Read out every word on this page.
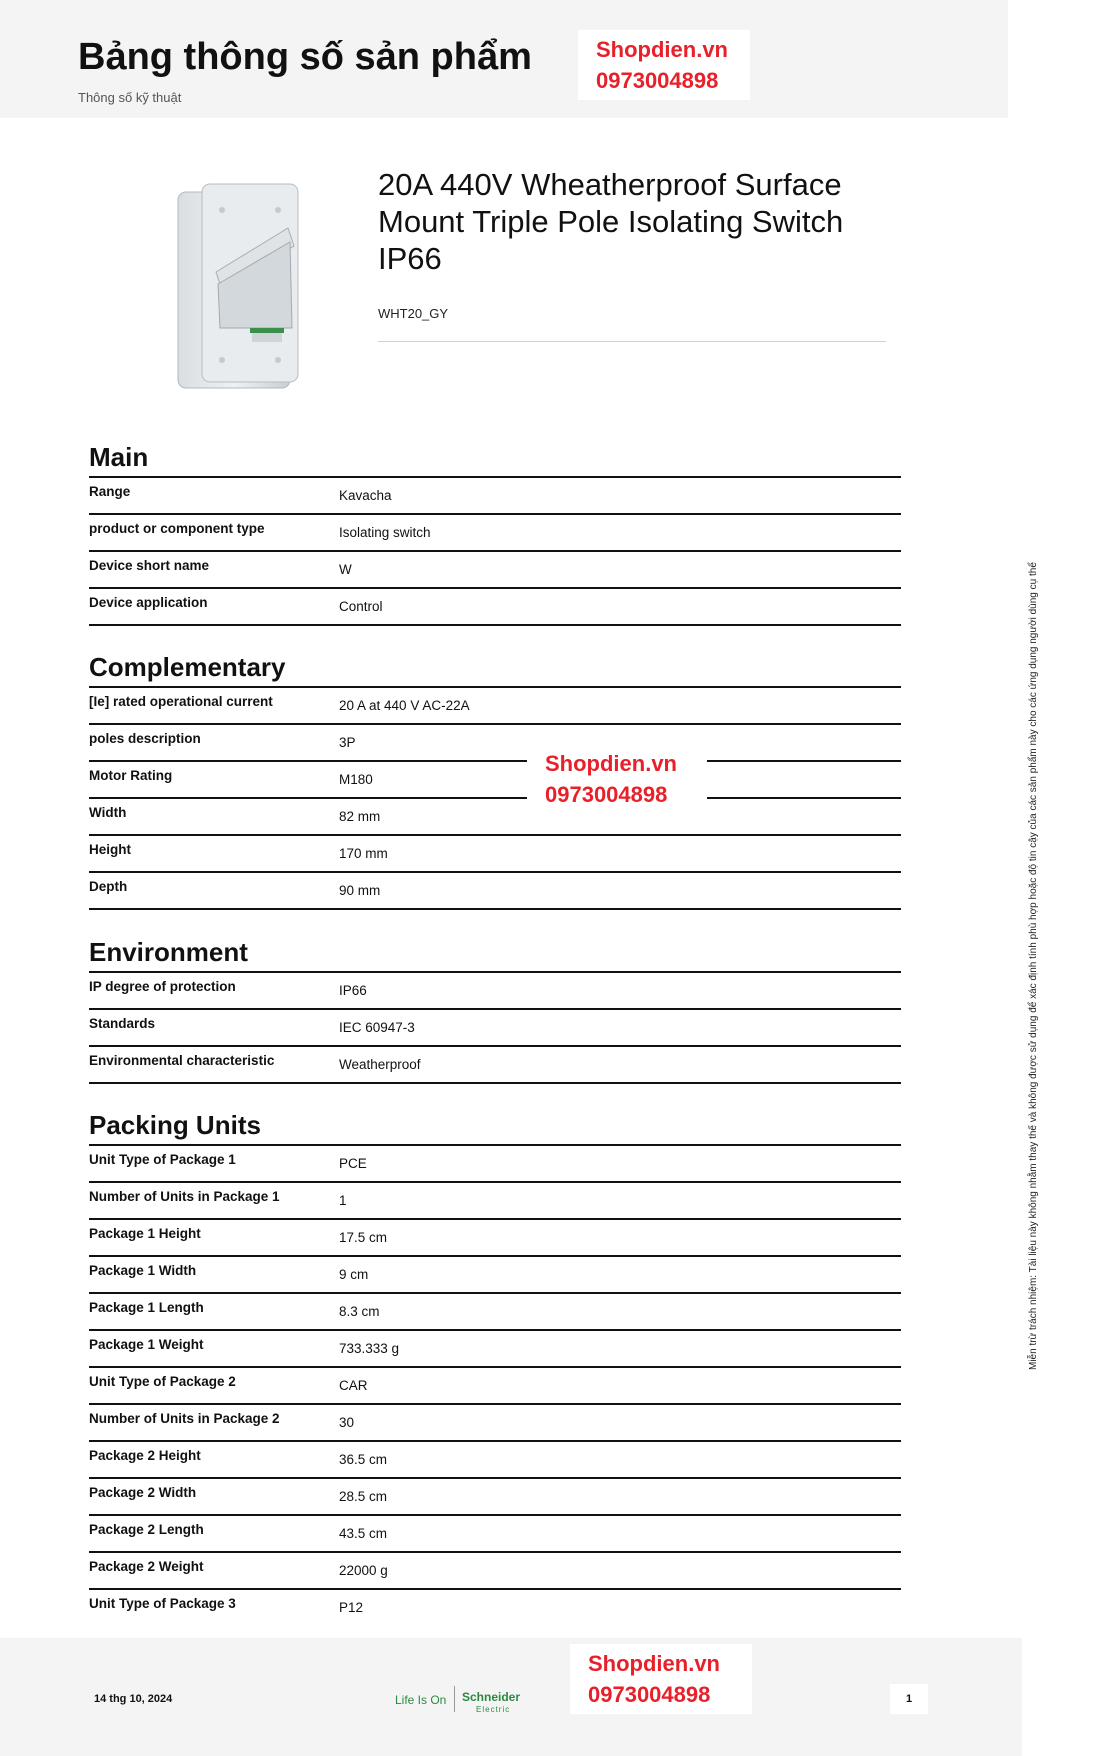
Bảng thông số sản phẩm
Thông số kỹ thuật
Shopdien.vn
0973004898
20A 440V Wheatherproof Surface Mount Triple Pole Isolating Switch IP66
WHT20_GY
Main
Range	Kavacha
product or component type	Isolating switch
Device short name	W
Device application	Control
Complementary
[Ie] rated operational current	20 A at 440 V AC-22A
poles description	3P
Motor Rating	M180
Width	82 mm
Height	170 mm
Depth	90 mm
Shopdien.vn
0973004898
Environment
IP degree of protection	IP66
Standards	IEC 60947-3
Environmental characteristic	Weatherproof
Packing Units
Unit Type of Package 1	PCE
Number of Units in Package 1	1
Package 1 Height	17.5 cm
Package 1 Width	9 cm
Package 1 Length	8.3 cm
Package 1 Weight	733.333 g
Unit Type of Package 2	CAR
Number of Units in Package 2	30
Package 2 Height	36.5 cm
Package 2 Width	28.5 cm
Package 2 Length	43.5 cm
Package 2 Weight	22000 g
Unit Type of Package 3	P12
Miễn trừ trách nhiệm: Tài liệu này không nhằm thay thế và không được sử dụng để xác định tính phù hợp hoặc độ tin cậy của các sản phẩm này cho các ứng dụng người dùng cụ thể
14 thg 10, 2024	Life Is On Schneider
Electric
Shopdien.vn
0973004898	1
